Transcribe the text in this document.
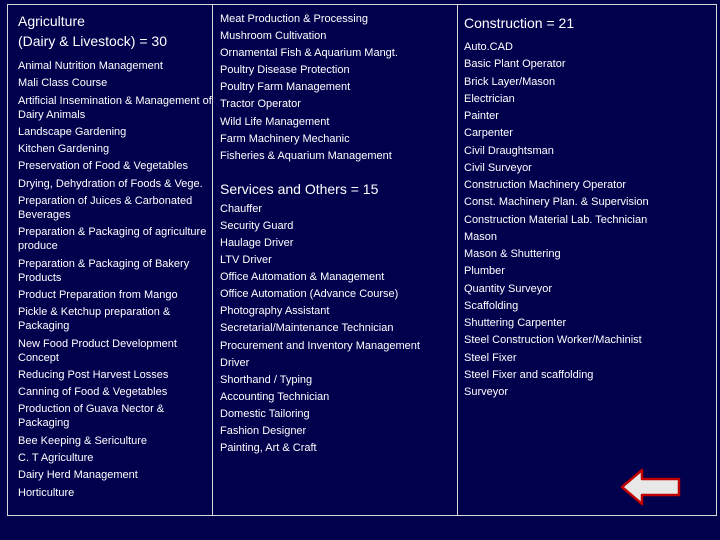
Agriculture
(Dairy & Livestock) = 30
Animal Nutrition Management
Mali Class Course
Artificial Insemination & Management of Dairy Animals
Landscape Gardening
Kitchen Gardening
Preservation of Food & Vegetables
Drying, Dehydration of Foods & Vege.
Preparation of Juices & Carbonated Beverages
Preparation & Packaging of agriculture produce
Preparation & Packaging of Bakery Products
Product Preparation from Mango
Pickle & Ketchup preparation & Packaging
New Food Product Development Concept
Reducing Post Harvest Losses
Canning of Food & Vegetables
Production of Guava Nector & Packaging
Bee Keeping & Sericulture
C. T Agriculture
Dairy Herd Management
Horticulture
Meat Production & Processing
Mushroom Cultivation
Ornamental Fish & Aquarium Mangt.
Poultry Disease Protection
Poultry Farm Management
Tractor Operator
Wild Life Management
Farm Machinery Mechanic
Fisheries & Aquarium Management
Services and Others = 15
Chauffer
Security Guard
Haulage Driver
LTV Driver
Office Automation & Management
Office Automation (Advance Course)
Photography Assistant
Secretarial/Maintenance Technician
Procurement and Inventory Management
Driver
Shorthand / Typing
Accounting Technician
Domestic Tailoring
Fashion Designer
Painting, Art & Craft
Construction = 21
Auto.CAD
Basic Plant Operator
Brick Layer/Mason
Electrician
Painter
Carpenter
Civil Draughtsman
Civil Surveyor
Construction Machinery Operator
Const. Machinery Plan. & Supervision
Construction Material Lab. Technician
Mason
Mason & Shuttering
Plumber
Quantity Surveyor
Scaffolding
Shuttering Carpenter
Steel Construction Worker/Machinist
Steel Fixer
Steel Fixer and scaffolding
Surveyor
